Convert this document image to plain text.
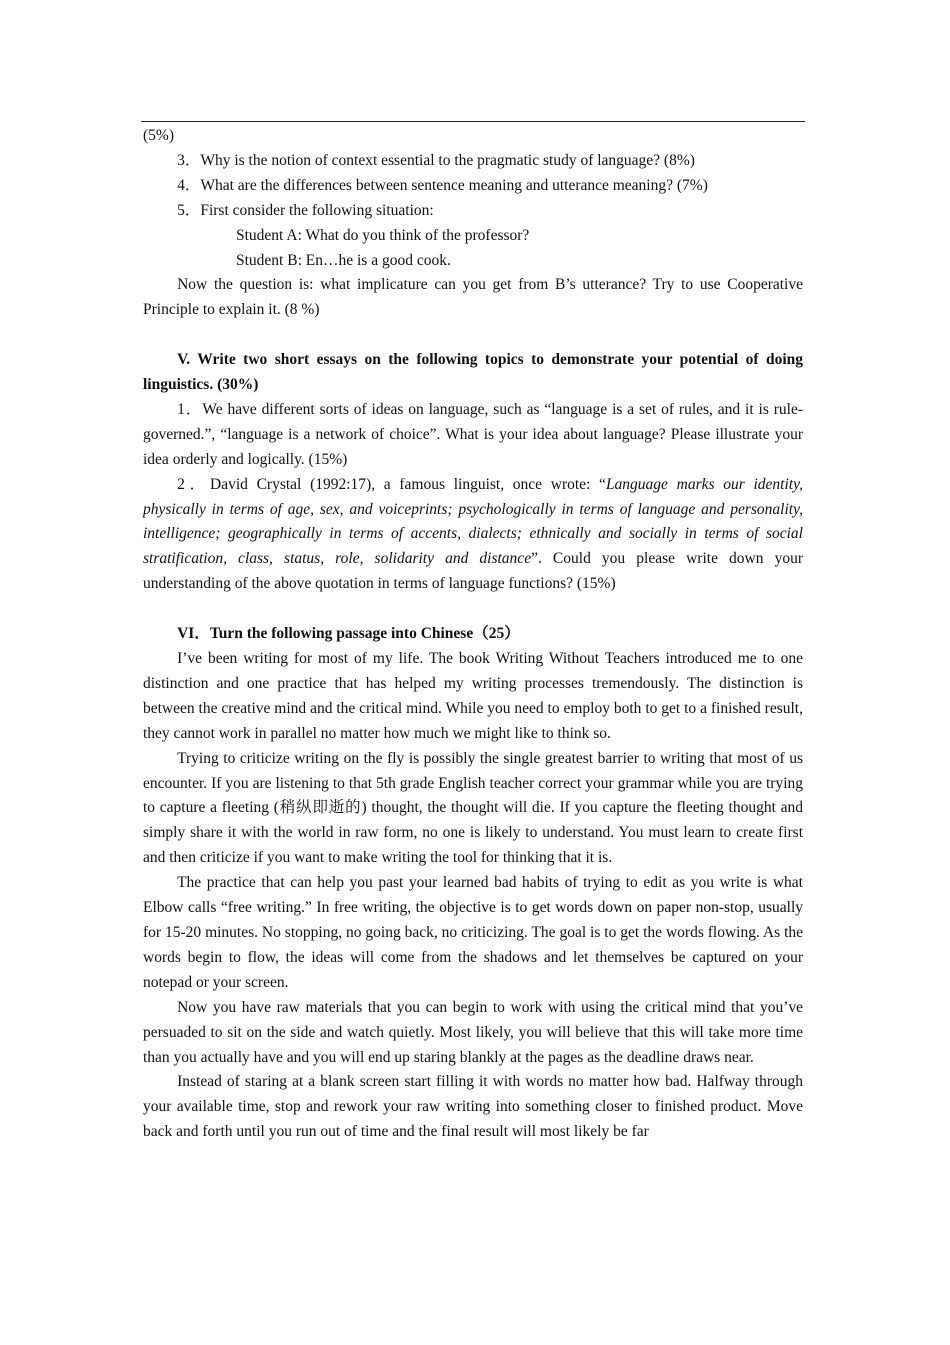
(5%)

3．Why is the notion of context essential to the pragmatic study of language? (8%)

4．What are the differences between sentence meaning and utterance meaning? (7%)

5．First consider the following situation:

Student A: What do you think of the professor?

Student B: En…he is a good cook.

Now the question is: what implicature can you get from B’s utterance? Try to use Cooperative Principle to explain it. (8 %)

V. Write two short essays on the following topics to demonstrate your potential of doing linguistics. (30%)

1．We have different sorts of ideas on language, such as “language is a set of rules, and it is rule-governed.”, “language is a network of choice”. What is your idea about language? Please illustrate your idea orderly and logically. (15%)

2．David Crystal (1992:17), a famous linguist, once wrote: “Language marks our identity, physically in terms of age, sex, and voiceprints; psychologically in terms of language and personality, intelligence; geographically in terms of accents, dialects; ethnically and socially in terms of social stratification, class, status, role, solidarity and distance”. Could you please write down your understanding of the above quotation in terms of language functions? (15%)

VI．Turn the following passage into Chinese（25）

I’ve been writing for most of my life. The book Writing Without Teachers introduced me to one distinction and one practice that has helped my writing processes tremendously. The distinction is between the creative mind and the critical mind. While you need to employ both to get to a finished result, they cannot work in parallel no matter how much we might like to think so.

Trying to criticize writing on the fly is possibly the single greatest barrier to writing that most of us encounter. If you are listening to that 5th grade English teacher correct your grammar while you are trying to capture a fleeting (稍纵即逝的) thought, the thought will die. If you capture the fleeting thought and simply share it with the world in raw form, no one is likely to understand. You must learn to create first and then criticize if you want to make writing the tool for thinking that it is.

The practice that can help you past your learned bad habits of trying to edit as you write is what Elbow calls “free writing.” In free writing, the objective is to get words down on paper non-stop, usually for 15-20 minutes. No stopping, no going back, no criticizing. The goal is to get the words flowing. As the words begin to flow, the ideas will come from the shadows and let themselves be captured on your notepad or your screen.

Now you have raw materials that you can begin to work with using the critical mind that you’ve persuaded to sit on the side and watch quietly. Most likely, you will believe that this will take more time than you actually have and you will end up staring blankly at the pages as the deadline draws near.

Instead of staring at a blank screen start filling it with words no matter how bad. Halfway through your available time, stop and rework your raw writing into something closer to finished product. Move back and forth until you run out of time and the final result will most likely be far
